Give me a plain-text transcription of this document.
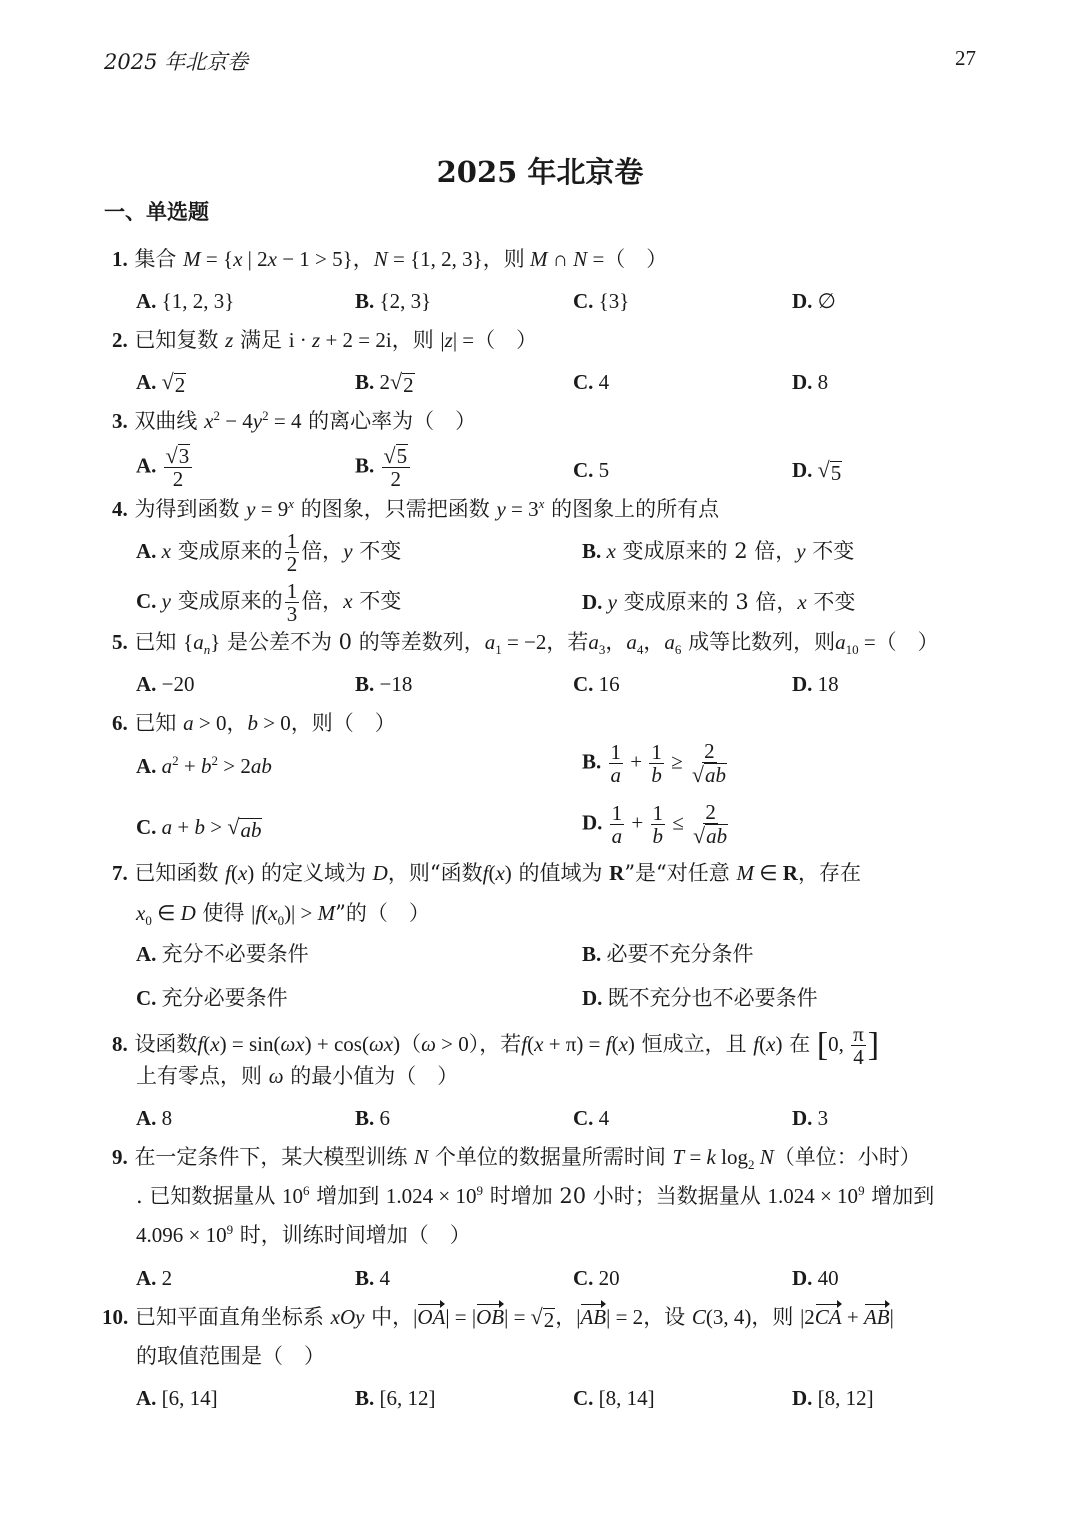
2025 年北京卷	27
2025 年北京卷
一、单选题
1. 集合 M = {x | 2x − 1 > 5}，N = {1, 2, 3}，则 M ∩ N =（　）
A. {1, 2, 3}	B. {2, 3}	C. {3}	D. ∅
2. 已知复数 z 满足 i · z + 2 = 2i，则 |z| =（　）
A. √ 2	B. 2 √ 2	C. 4	D. 8
3. 双曲线 $x^2 - 4y^2 = 4$ 的离心率为（　）
A. $\frac{√ 3}{2}$	B. $\frac{√ 5}{2}$	C. 5	D. √ 5
4. 为得到函数 $y = 9^x$ 的图象，只需把函数 $y = 3^x$ 的图象上的所有点
A. x 变成原来的 $\frac{1}{2}$ 倍，y 不变	B. x 变成原来的 2 倍，y 不变
C. y 变成原来的 $\frac{1}{3}$ 倍，x 不变	D. y 变成原来的 3 倍，x 不变
5. 已知 $\{a_n\}$ 是公差不为 0 的等差数列，$a_1 = -2$，若$a_3$，$a_4$，$a_6$ 成等比数列，则$a_{10}$ =（　）
A. −20	B. −18	C. 16	D. 18
6. 已知 a > 0，b > 0，则（　）
A. $a^2 + b^2 > 2ab$	B. $\frac{1}{a} + \frac{1}{b} \ge \frac{2}{√ ab}$
C. a + b > √ ab	D. $\frac{1}{a} + \frac{1}{b} \le \frac{2}{√ ab}$
7. 已知函数 f(x) 的定义域为 D，则“函数f(x) 的值域为 R”是“对任意 M ∈ R，存在
$x_0$ ∈ D 使得 $|f(x_0)| > M$”的（　）
A. 充分不必要条件	B. 必要不充分条件
C. 充分必要条件	D. 既不充分也不必要条件
8. 设函数f(x) = sin(ωx) + cos(ωx)（ω > 0），若f(x + π) = f(x) 恒成立，且 f(x) 在 [0, $\frac{\pi}{4}$ ]
上有零点，则 ω 的最小值为（　）
A. 8	B. 6	C. 4	D. 3
9. 在一定条件下，某大模型训练 N 个单位的数据量所需时间 T = k $\log_2 N$（单位：小时）
. 已知数据量从 $10^6$ 增加到 $1.024 \times 10^9$ 时增加 20 小时；当数据量从 $1.024 \times 10^9$ 增加到
$4.096 \times 10^9$ 时，训练时间增加（　）
A. 2	B. 4	C. 20	D. 40
10. 已知平面直角坐标系 xOy 中，|OA| = |OB| = √ 2 ，|AB| = 2，设 C(3, 4)，则 |2CA + AB|
的取值范围是（　）
A. [6, 14]	B. [6, 12]	C. [8, 14]	D. [8, 12]
